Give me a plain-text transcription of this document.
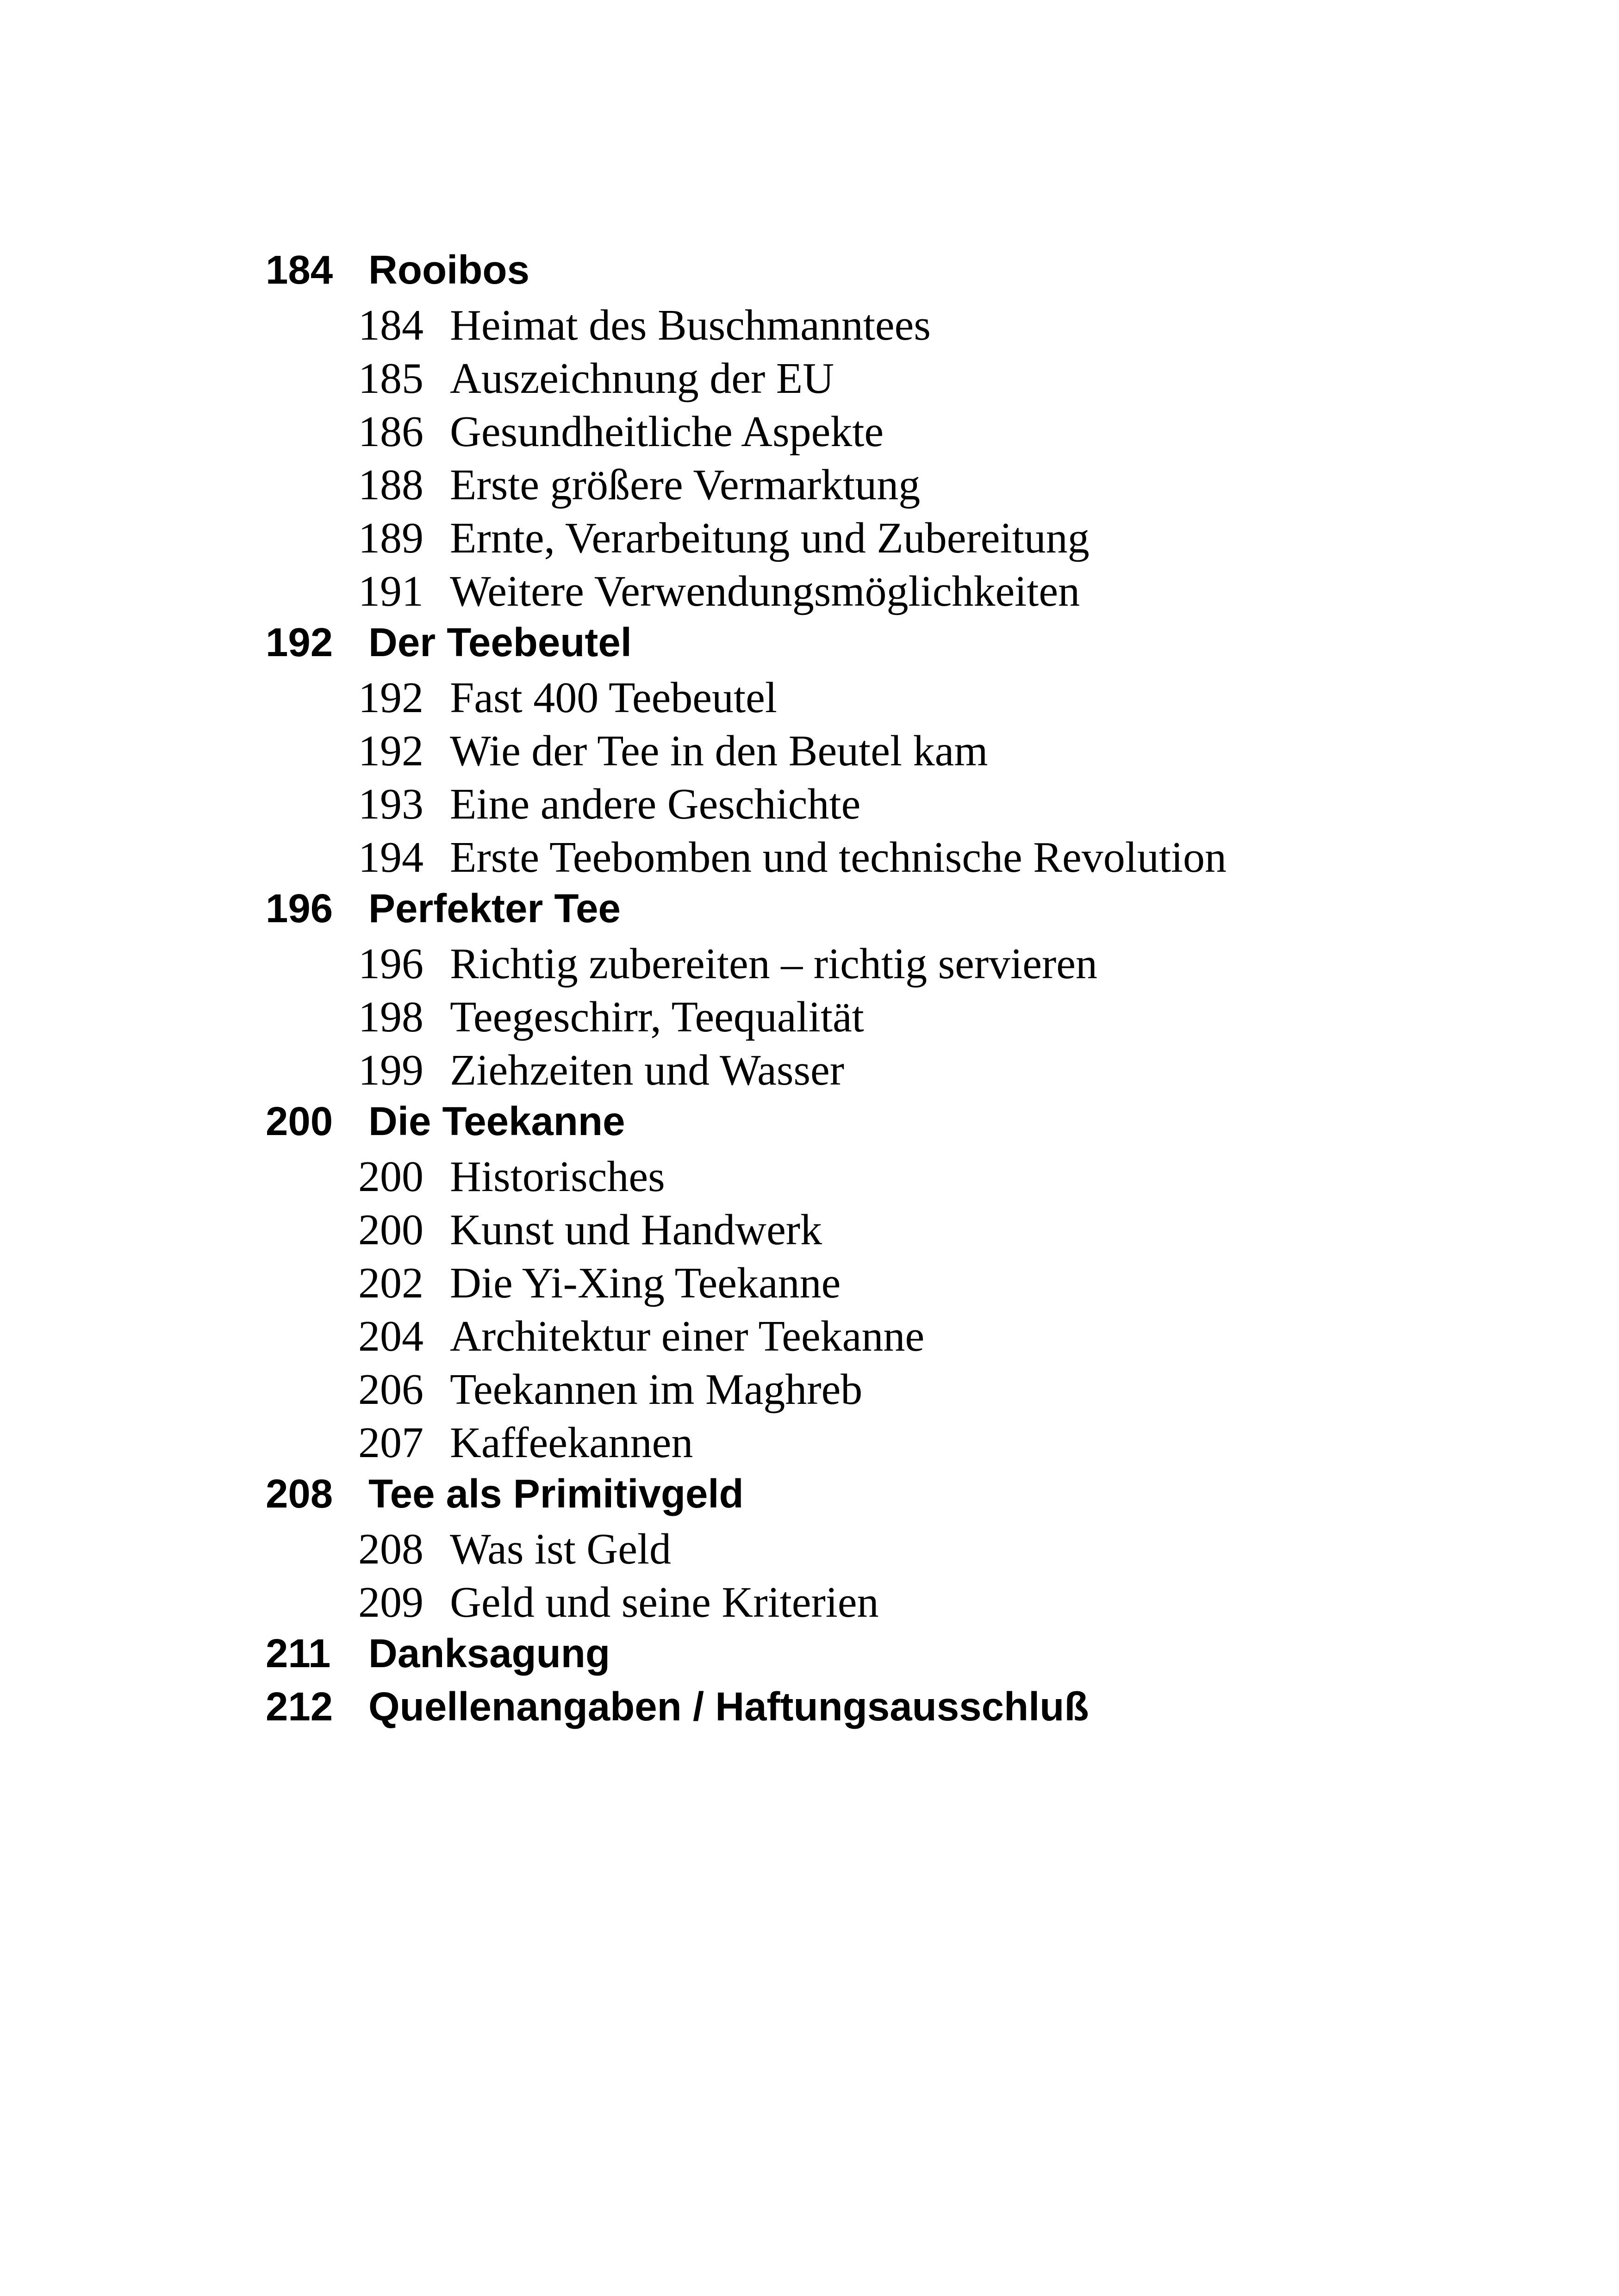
184 Rooibos
184 Heimat des Buschmanntees
185 Auszeichnung der EU
186 Gesundheitliche Aspekte
188 Erste größere Vermarktung
189 Ernte, Verarbeitung und Zubereitung
191 Weitere Verwendungsmöglichkeiten
192 Der Teebeutel
192 Fast 400 Teebeutel
192 Wie der Tee in den Beutel kam
193 Eine andere Geschichte
194 Erste Teebomben und technische Revolution
196 Perfekter Tee
196 Richtig zubereiten – richtig servieren
198 Teegeschirr, Teequalität
199 Ziehzeiten und Wasser
200 Die Teekanne
200 Historisches
200 Kunst und Handwerk
202 Die Yi-Xing Teekanne
204 Architektur einer Teekanne
206 Teekannen im Maghreb
207 Kaffeekannen
208 Tee als Primitivgeld
208 Was ist Geld
209 Geld und seine Kriterien
211 Danksagung
212 Quellenangaben / Haftungsausschluß
